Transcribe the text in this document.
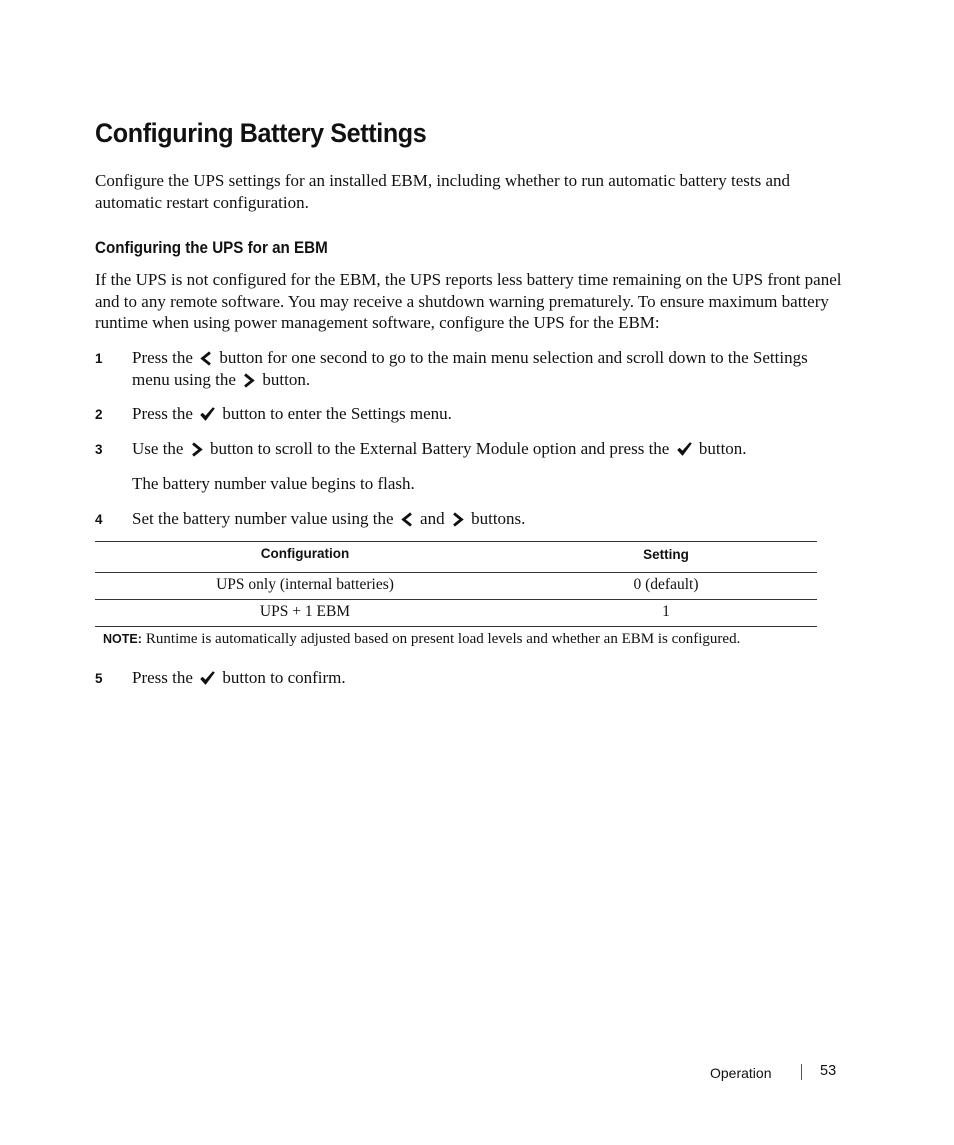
Configuring Battery Settings

Configure the UPS settings for an installed EBM, including whether to run automatic battery tests and automatic restart configuration.

Configuring the UPS for an EBM

If the UPS is not configured for the EBM, the UPS reports less battery time remaining on the UPS front panel and to any remote software. You may receive a shutdown warning prematurely. To ensure maximum battery runtime when using power management software, configure the UPS for the EBM:

1 Press the button for one second to go to the main menu selection and scroll down to the Settings menu using the button.
2 Press the button to enter the Settings menu.
3 Use the button to scroll to the External Battery Module option and press the button.
The battery number value begins to flash.
4 Set the battery number value using the and buttons.
Configuration	Setting
UPS only (internal batteries)	0 (default)
UPS + 1 EBM	1
NOTE: Runtime is automatically adjusted based on present load levels and whether an EBM is configured.
5 Press the button to confirm.
Operation	53
